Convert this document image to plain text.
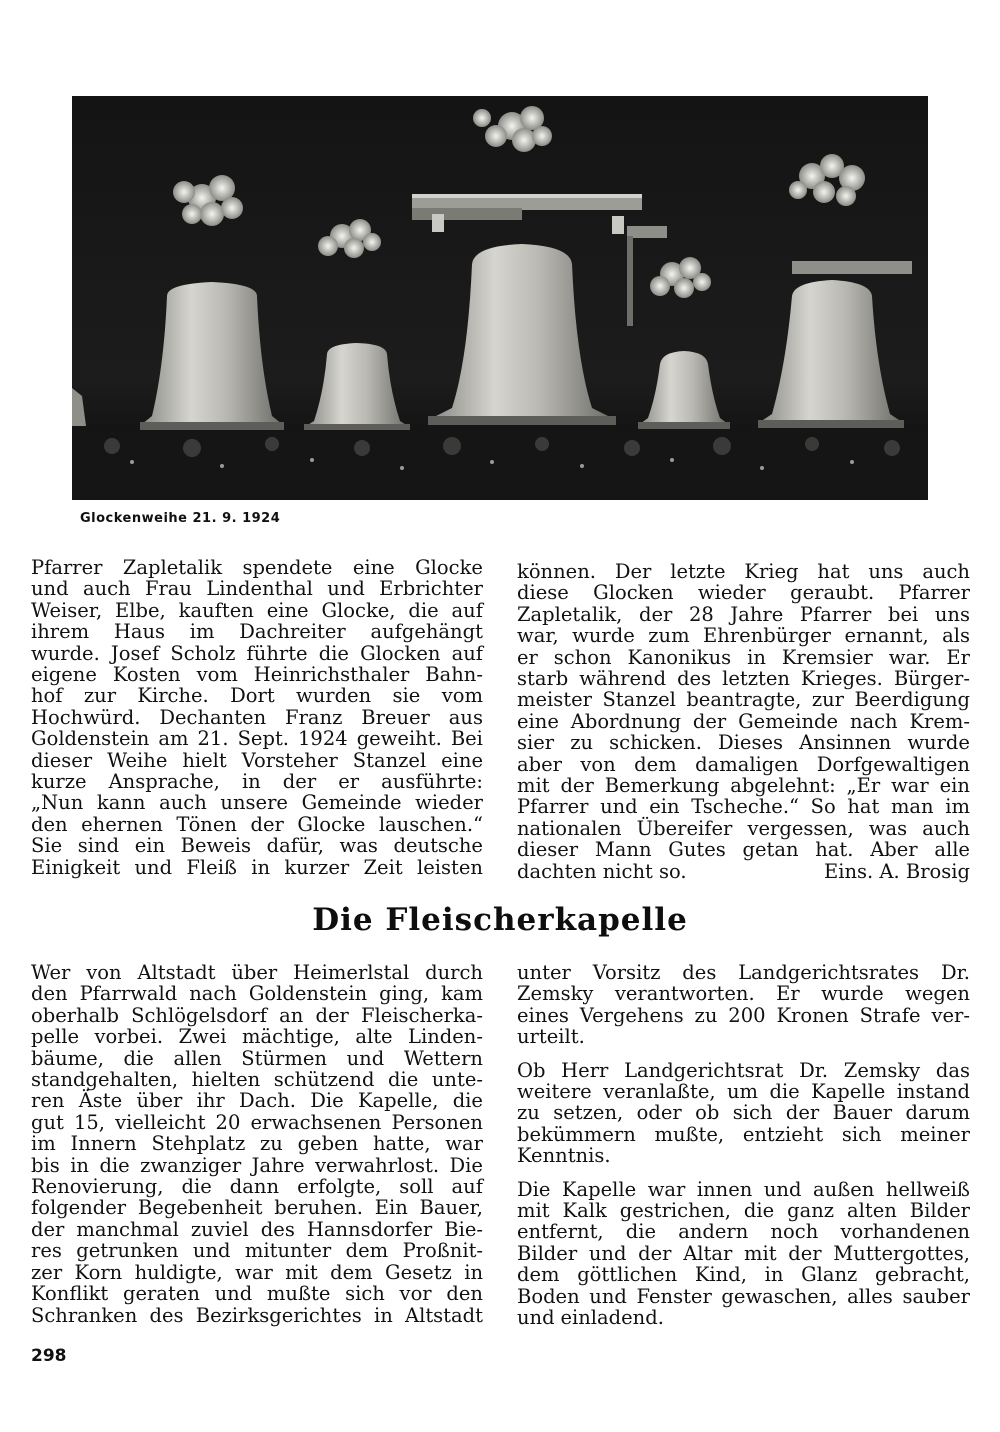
Glockenweihe 21. 9. 1924
Pfarrer Zapletalik spendete eine Glocke
und auch Frau Lindenthal und Erbrichter
Weiser, Elbe, kauften eine Glocke, die auf
ihrem Haus im Dachreiter aufgehängt
wurde. Josef Scholz führte die Glocken auf
eigene Kosten vom Heinrichsthaler Bahn-
hof zur Kirche. Dort wurden sie vom
Hochwürd. Dechanten Franz Breuer aus
Goldenstein am 21. Sept. 1924 geweiht. Bei
dieser Weihe hielt Vorsteher Stanzel eine
kurze Ansprache, in der er ausführte:
„Nun kann auch unsere Gemeinde wieder
den ehernen Tönen der Glocke lauschen.“
Sie sind ein Beweis dafür, was deutsche
Einigkeit und Fleiß in kurzer Zeit leisten
können. Der letzte Krieg hat uns auch
diese Glocken wieder geraubt. Pfarrer
Zapletalik, der 28 Jahre Pfarrer bei uns
war, wurde zum Ehrenbürger ernannt, als
er schon Kanonikus in Kremsier war. Er
starb während des letzten Krieges. Bürger-
meister Stanzel beantragte, zur Beerdigung
eine Abordnung der Gemeinde nach Krem-
sier zu schicken. Dieses Ansinnen wurde
aber von dem damaligen Dorfgewaltigen
mit der Bemerkung abgelehnt: „Er war ein
Pfarrer und ein Tscheche.“ So hat man im
nationalen Übereifer vergessen, was auch
dieser Mann Gutes getan hat. Aber alle
dachten nicht so.	Eins. A. Brosig
Die Fleischerkapelle
Wer von Altstadt über Heimerlstal durch
den Pfarrwald nach Goldenstein ging, kam
oberhalb Schlögelsdorf an der Fleischerka-
pelle vorbei. Zwei mächtige, alte Linden-
bäume, die allen Stürmen und Wettern
standgehalten, hielten schützend die unte-
ren Äste über ihr Dach. Die Kapelle, die
gut 15, vielleicht 20 erwachsenen Personen
im Innern Stehplatz zu geben hatte, war
bis in die zwanziger Jahre verwahrlost. Die
Renovierung, die dann erfolgte, soll auf
folgender Begebenheit beruhen. Ein Bauer,
der manchmal zuviel des Hannsdorfer Bie-
res getrunken und mitunter dem Proßnit-
zer Korn huldigte, war mit dem Gesetz in
Konflikt geraten und mußte sich vor den
Schranken des Bezirksgerichtes in Altstadt

unter Vorsitz des Landgerichtsrates Dr.
Zemsky verantworten. Er wurde wegen
eines Vergehens zu 200 Kronen Strafe ver-
urteilt.

Ob Herr Landgerichtsrat Dr. Zemsky das
weitere veranlaßte, um die Kapelle instand
zu setzen, oder ob sich der Bauer darum
bekümmern mußte, entzieht sich meiner
Kenntnis.

Die Kapelle war innen und außen hellweiß
mit Kalk gestrichen, die ganz alten Bilder
entfernt, die andern noch vorhandenen
Bilder und der Altar mit der Muttergottes,
dem göttlichen Kind, in Glanz gebracht,
Boden und Fenster gewaschen, alles sauber
und einladend.

298
